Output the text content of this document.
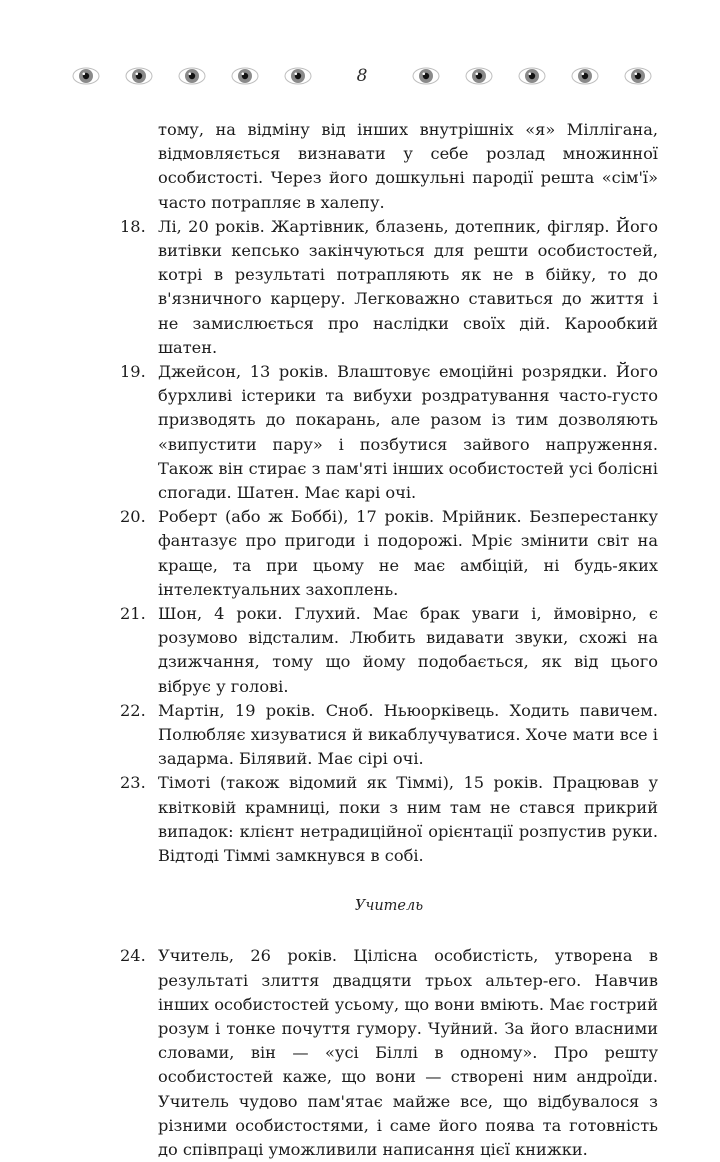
8
тому, на відміну від інших внутрішніх «я» Міллігана, відмовляється визнавати у себе розлад множинної особистості. Через його дошкульні пародії решта «сім'ї» часто потрапляє в халепу.
18. Лі, 20 років. Жартівник, блазень, дотепник, фігляр. Його витівки кепсько закінчуються для решти особистостей, котрі в результаті потрапляють як не в бійку, то до в'язничного карцеру. Легковажно ставиться до життя і не замислюється про наслідки своїх дій. Карообкий шатен.
19. Джейсон, 13 років. Влаштовує емоційні розрядки. Його бурхливі істерики та вибухи роздратування часто-густо призводять до покарань, але разом із тим дозволяють «випустити пару» і позбутися зайвого напруження. Також він стирає з пам'яті інших особистостей усі болісні спогади. Шатен. Має карі очі.
20. Роберт (або ж Боббі), 17 років. Мрійник. Безперестанку фантазує про пригоди і подорожі. Мріє змінити світ на краще, та при цьому не має амбіцій, ні будь-яких інтелектуальних захоплень.
21. Шон, 4 роки. Глухий. Має брак уваги і, ймовірно, є розумово відсталим. Любить видавати звуки, схожі на дзижчання, тому що йому подобається, як від цього вібрує у голові.
22. Мартін, 19 років. Сноб. Ньюорківець. Ходить павичем. Полюбляє хизуватися й викаблучуватися. Хоче мати все і задарма. Білявий. Має сірі очі.
23. Тімоті (також відомий як Тіммі), 15 років. Працював у квітковій крамниці, поки з ним там не стався прикрий випадок: клієнт нетрадиційної орієнтації розпустив руки. Відтоді Тіммі замкнувся в собі.
Учитель
24. Учитель, 26 років. Цілісна особистість, утворена в результаті злиття двадцяти трьох альтер-его. Навчив інших особистостей усьому, що вони вміють. Має гострий розум і тонке почуття гумору. Чуйний. За його власними словами, він — «усі Біллі в одному». Про решту особистостей каже, що вони — створені ним андроїди. Учитель чудово пам'ятає майже все, що відбувалося з різними особистостями, і саме його поява та готовність до співпраці уможливили написання цієї книжки.
